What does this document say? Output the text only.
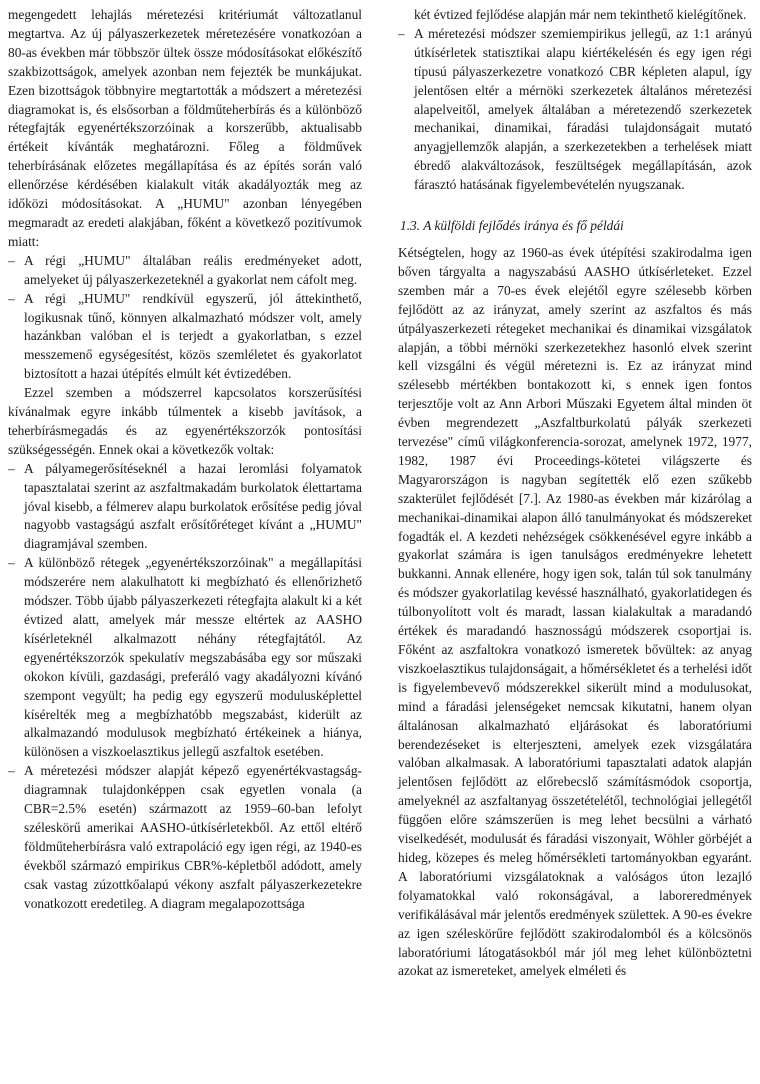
megengedett lehajlás méretezési kritériumát változatlanul megtartva. Az új pályaszerkezetek méretezésére vonatkozóan a 80-as években már többször ültek össze módosításokat előkészítő szakbizottságok, amelyek azonban nem fejezték be munkájukat. Ezen bizottságok többnyire megtartották a módszert a méretezési diagramokat is, és elsősorban a földműteherbírás és a különböző rétegfajták egyenértékszorzóinak a korszerűbb, aktualisabb értékeit kívánták meghatározni. Főleg a földművek teherbírásának előzetes megállapítása és az építés során való ellenőrzése kérdésében kialakult viták akadályozták meg az időközi módosításokat. A „HUMU" azonban lényegében megmaradt az eredeti alakjában, főként a következő pozitívumok miatt:

– A régi „HUMU" általában reális eredményeket adott, amelyeket új pályaszerkezeteknél a gyakorlat nem cáfolt meg.
– A régi „HUMU" rendkívül egyszerű, jól áttekinthető, logikusnak tűnő, könnyen alkalmazható módszer volt, amely hazánkban valóban el is terjedt a gyakorlatban, s ezzel messzemenő egységesítést, közös szemléletet és gyakorlatot biztosított a hazai útépítés elmúlt két évtizedében.

Ezzel szemben a módszerrel kapcsolatos korszerűsítési kívánalmak egyre inkább túlmentek a kisebb javítások, a teherbírásmegadás és az egyenértékszorzók pontosítási szükségességén. Ennek okai a következők voltak:

– A pályamegerősítéseknél a hazai leromlási folyamatok tapasztalatai szerint az aszfaltmakadám burkolatok élettartama jóval kisebb, a félmerev alapu burkolatok erősítése pedig jóval nagyobb vastagságú aszfalt erősítőréteget kívánt a „HUMU" diagramjával szemben.
– A különböző rétegek „egyenértékszorzóinak" a megállapítási módszerére nem alakulhatott ki megbízható és ellenőrizhető módszer. Több újabb pályaszerkezeti rétegfajta alakult ki a két évtized alatt, amelyek már messze eltértek az AASHO kísérleteknél alkalmazott néhány rétegfajtától. Az egyenértékszorzók spekulatív megszabásába egy sor műszaki okokon kívüli, gazdasági, preferáló vagy akadályozni kívánó szempont vegyült; ha pedig egy egyszerű modulusképlettel kísérelték meg a megbízhatóbb megszabást, kiderült az alkalmazandó modulusok megbízható értékeinek a hiánya, különösen a viszkoelasztikus jellegű aszfaltok esetében.
– A méretezési módszer alapját képező egyenértékvastagság-diagramnak tulajdonképpen csak egyetlen vonala (a CBR=2.5% esetén) származott az 1959–60-ban lefolyt széleskörű amerikai AASHO-útkísérletekből. Az ettől eltérő földműteherbírásra való extrapoláció egy igen régi, az 1940-es évekből származó empirikus CBR%-képletből adódott, amely csak vastag zúzottkőalapú vékony aszfalt pályaszerkezetekre vonatkozott eredetileg. A diagram megalapozottsága

két évtized fejlődése alapján már nem tekinthető kielégítőnek.

– A méretezési módszer szemiempirikus jellegű, az 1:1 arányú útkísérletek statisztikai alapu kiértékelésén és egy igen régi típusú pályaszerkezetre vonatkozó CBR képleten alapul, így jelentősen eltér a mérnöki szerkezetek általános méretezési alapelveitől, amelyek általában a méretezendő szerkezetek mechanikai, dinamikai, fáradási tulajdonságait mutató anyagjellemzők alapján, a szerkezetekben a terhelések miatt ébredő alakváltozások, feszültségek megállapításán, azok fárasztó hatásának figyelembevételén nyugszanak.
1.3. A külföldi fejlődés iránya és fő példái

Kétségtelen, hogy az 1960-as évek útépítési szakirodalma igen bőven tárgyalta a nagyszabású AASHO útkísérleteket. Ezzel szemben már a 70-es évek elejétől egyre szélesebb körben fejlődött az az irányzat, amely szerint az aszfaltos és más útpályaszerkezeti rétegeket mechanikai és dinamikai vizsgálatok alapján, a többi mérnöki szerkezetekhez hasonló elvek szerint kell vizsgálni és végül méretezni is. Ez az irányzat mind szélesebb mértékben bontakozott ki, s ennek igen fontos terjesztője volt az Ann Arbori Műszaki Egyetem által minden öt évben megrendezett „Aszfaltburkolatú pályák szerkezeti tervezése" című világkonferencia-sorozat, amelynek 1972, 1977, 1982, 1987 évi Proceedings-kötetei világszerte és Magyarországon is nagyban segítették elő ezen szűkebb szakterület fejlődését [7.]. Az 1980-as években már kizárólag a mechanikai-dinamikai alapon álló tanulmányokat és módszereket fogadták el. A kezdeti nehézségek csökkenésével egyre inkább a gyakorlat számára is igen tanulságos eredményekre lehetett bukkanni. Annak ellenére, hogy igen sok, talán túl sok tanulmány és módszer gyakorlatilag kevéssé használható, gyakorlatidegen és túlbonyolított volt és maradt, lassan kialakultak a maradandó értékek és maradandó hasznosságú módszerek csoportjai is. Főként az aszfaltokra vonatkozó ismeretek bővültek: az anyag viszkoelasztikus tulajdonságait, a hőmérsékletet és a terhelési időt is figyelembevevő módszerekkel sikerült mind a modulusokat, mind a fáradási jelenségeket nemcsak kikutatni, hanem olyan általánosan alkalmazható eljárásokat és laboratóriumi berendezéseket is elterjeszteni, amelyek ezek vizsgálatára valóban alkalmasak. A laboratóriumi tapasztalati adatok alapján jelentősen fejlődött az előrebecslő számításmódok csoportja, amelyeknél az aszfaltanyag összetételétől, technológiai jellegétől függően előre számszerűen is meg lehet becsülni a várható viselkedését, modulusát és fáradási viszonyait, Wöhler görbéjét a hideg, közepes és meleg hőmérsékleti tartományokban egyaránt. A laboratóriumi vizsgálatoknak a valóságos úton lezajló folyamatokkal való rokonságával, a laboreredmények verifikálásával már jelentős eredmények születtek. A 90-es évekre az igen széleskörűre fejlődött szakirodalomból és a kölcsönös laboratóriumi látogatásokból már jól meg lehet különböztetni azokat az ismereteket, amelyek elméleti és
